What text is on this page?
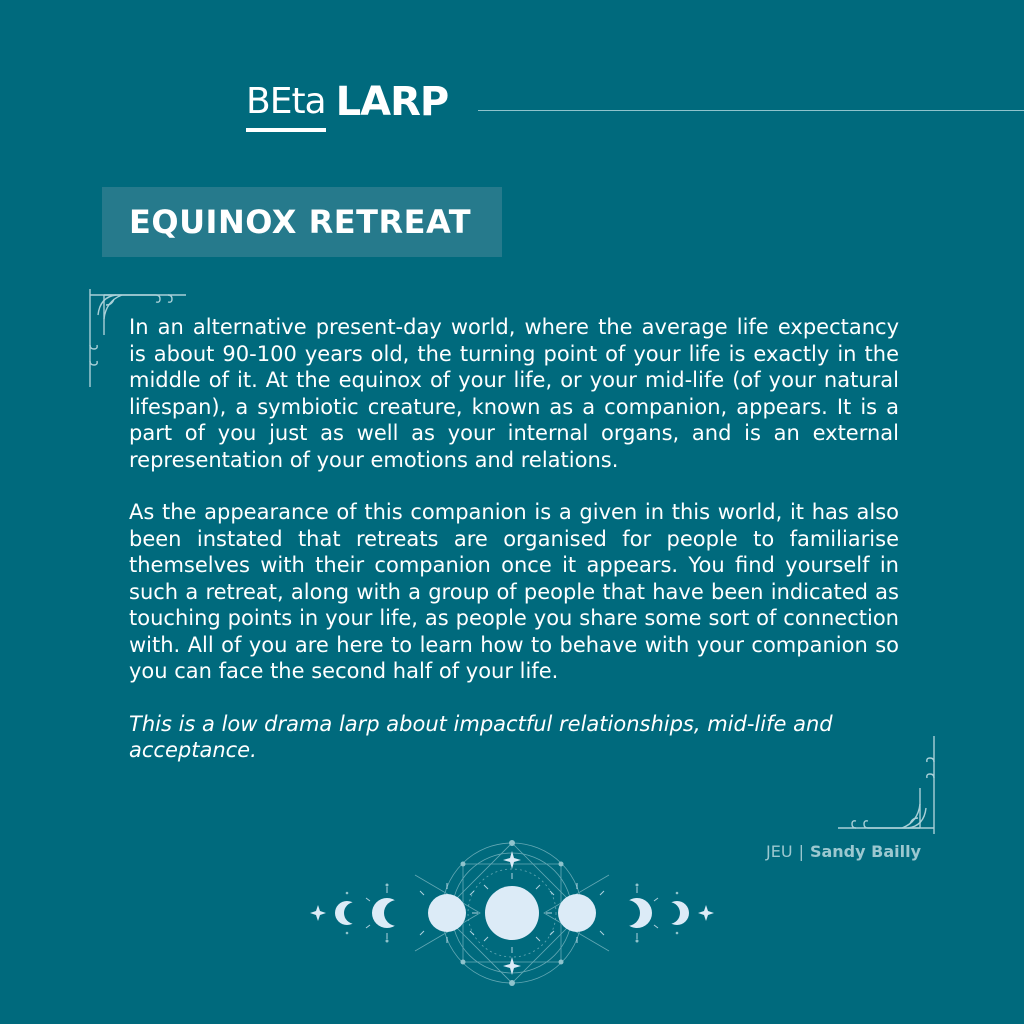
BEta LARP
EQUINOX RETREAT

In an alternative present-day world, where the average life expectancy is about 90-100 years old, the turning point of your life is exactly in the middle of it. At the equinox of your life, or your mid-life (of your natural lifespan), a symbiotic creature, known as a companion, appears. It is a part of you just as well as your internal organs, and is an external representation of your emotions and relations.

As the appearance of this companion is a given in this world, it has also been instated that retreats are organised for people to familiarise themselves with their companion once it appears. You find yourself in such a retreat, along with a group of people that have been indicated as touching points in your life, as people you share some sort of connection with. All of you are here to learn how to behave with your companion so you can face the second half of your life.

This is a low drama larp about impactful relationships, mid-life and acceptance.

JEU | Sandy Bailly
